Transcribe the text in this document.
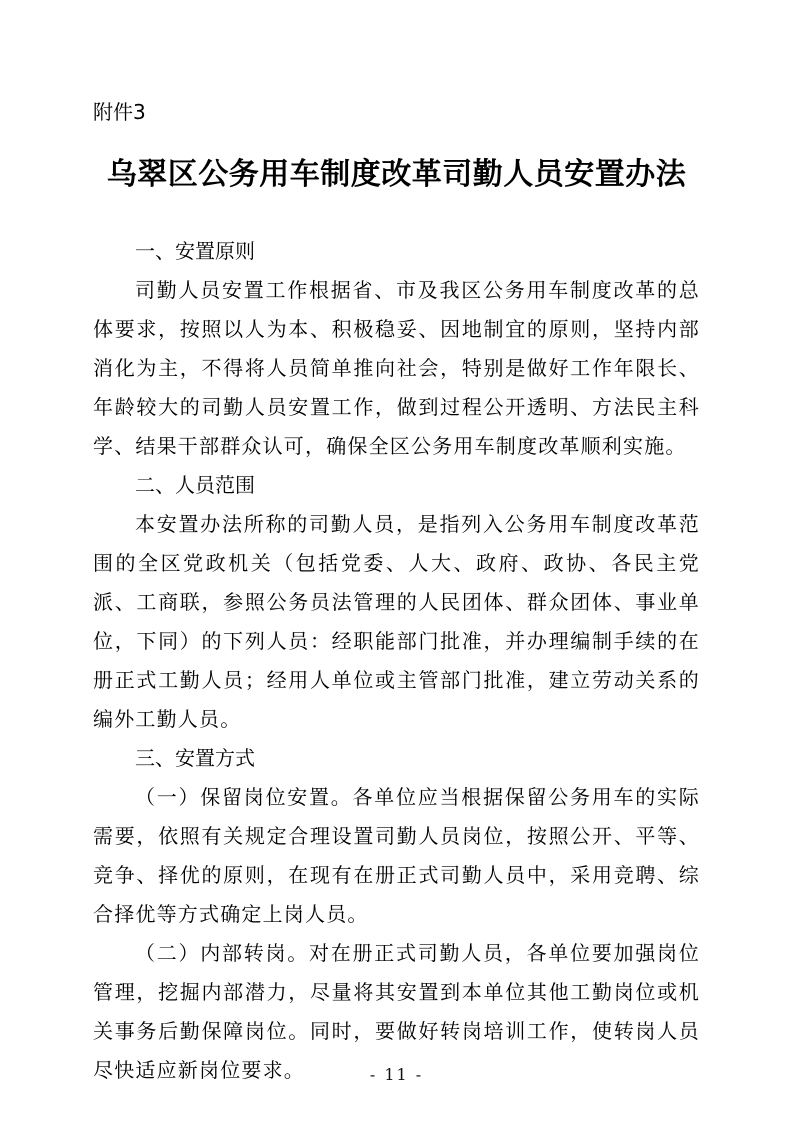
附件3

乌翠区公务用车制度改革司勤人员安置办法

一、安置原则

司勤人员安置工作根据省、市及我区公务用车制度改革的总体要求，按照以人为本、积极稳妥、因地制宜的原则，坚持内部消化为主，不得将人员简单推向社会，特别是做好工作年限长、年龄较大的司勤人员安置工作，做到过程公开透明、方法民主科学、结果干部群众认可，确保全区公务用车制度改革顺利实施。

二、人员范围

本安置办法所称的司勤人员，是指列入公务用车制度改革范围的全区党政机关（包括党委、人大、政府、政协、各民主党派、工商联，参照公务员法管理的人民团体、群众团体、事业单位，下同）的下列人员：经职能部门批准，并办理编制手续的在册正式工勤人员；经用人单位或主管部门批准，建立劳动关系的编外工勤人员。

三、安置方式

（一）保留岗位安置。各单位应当根据保留公务用车的实际需要，依照有关规定合理设置司勤人员岗位，按照公开、平等、竞争、择优的原则，在现有在册正式司勤人员中，采用竞聘、综合择优等方式确定上岗人员。

（二）内部转岗。对在册正式司勤人员，各单位要加强岗位管理，挖掘内部潜力，尽量将其安置到本单位其他工勤岗位或机关事务后勤保障岗位。同时，要做好转岗培训工作，使转岗人员尽快适应新岗位要求。	- 11 -
